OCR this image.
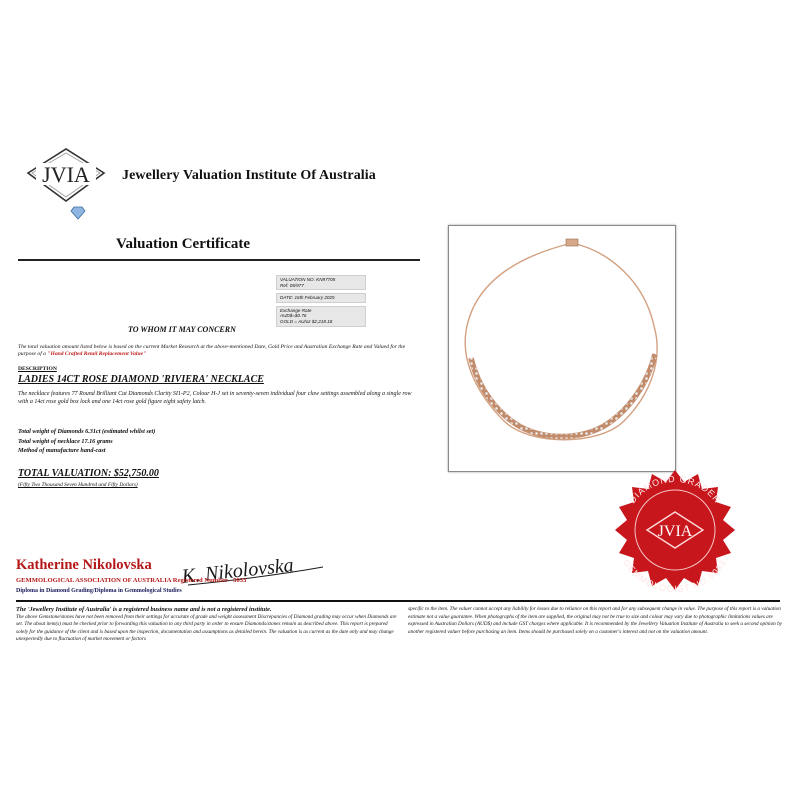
JVIA Jewellery Valuation Institute Of Australia
Valuation Certificate
VALUATION NO. KN97705
Ref: 05/977
DATE: 16th February 2025
Exchange Rate
AUD$=$0.76
GOLD = AU/oz $2,218.18
TO WHOM IT MAY CONCERN
The total valuation amount listed below is based on the current Market Research at the above-mentioned Date, Gold Price and Australian Exchange Rate and Valued for the purpose of a "Hand Crafted Retail Replacement Value"
DESCRIPTION
LADIES 14CT ROSE DIAMOND 'RIVIERA' NECKLACE
The necklace features 77 Round Brilliant Cut Diamonds Clarity SI1-P2, Colour H-J set in seventy-seven individual four claw settings assembled along a single row with a 14ct rose gold box lock and one 14ct rose gold figure eight safety latch.
Total weight of Diamonds 6.31ct (estimated whilst set)
Total weight of necklace 17.16 grams
Method of manufacture hand-cast
TOTAL VALUATION: $52,750.00
(Fifty Two Thousand Seven Hundred and Fifty Dollars)
DIAMOND GRADER
GEMMOLOGIST NO.5033
JVIA
Katherine Nikolovska K. Nikolovska
GEMMOLOGICAL ASSOCIATION OF AUSTRALIA Registered Number - 5033
Diploma in Diamond Grading/Diploma in Gemmological Studies
The 'Jewellery Institute of Australia' is a registered business name and is not a registered institute.
The above Gemstone/stones have not been removed from their settings for accurate of grade and weight assessment Discrepancies of Diamond grading may occur when Diamonds are set. The about item(s) must be checked prior to forwarding this valuation to any third party in order to ensure Diamonds/stones remain as described above. This report is prepared solely for the guidance of the client and is based upon the inspection, documentation and assumptions as detailed herein. The valuation is as current as the date only and may change unexpectedly due to fluctuation of market movement or factors
specific to the item. The valuer cannot accept any liability for losses due to reliance on this report and for any subsequent change in value. The purpose of this report is a valuation estimate not a value guarantee. When photographs of the item are supplied, the original may not be true to size and colour may vary due to photographic limitations values are expressed in Australian Dollars (AUD$) and include GST charges where applicable. It is recommended by the Jewellery Valuation Institute of Australia to seek a second opinion by another registered valuer before purchasing an item. Items should be purchased solely on a customer's interest and not on the valuation amount.
